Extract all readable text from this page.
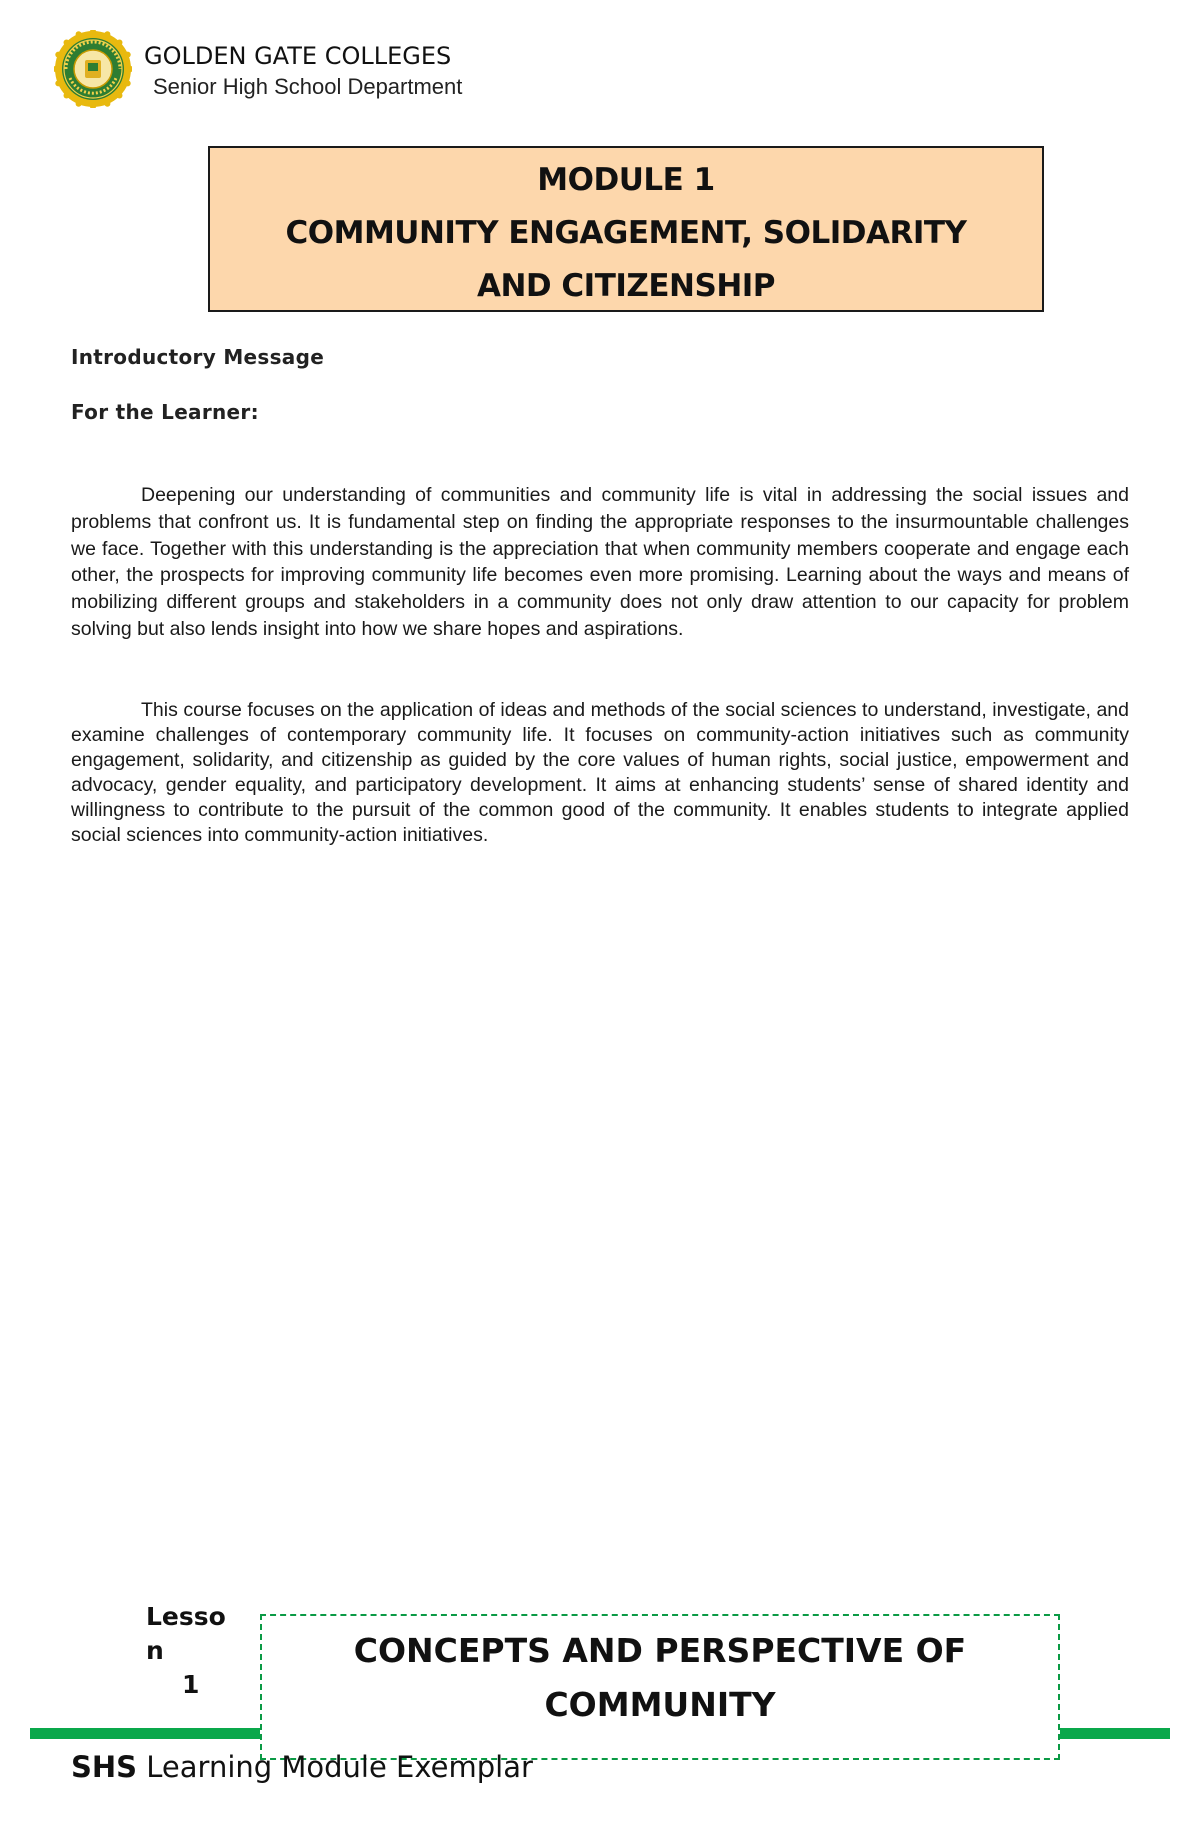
GOLDEN GATE COLLEGES
Senior High School Department
MODULE 1
COMMUNITY ENGAGEMENT, SOLIDARITY
AND CITIZENSHIP
Introductory Message
For the Learner:

Deepening our understanding of communities and community life is vital in addressing the social issues and problems that confront us. It is fundamental step on finding the appropriate responses to the insurmountable challenges we face. Together with this understanding is the appreciation that when community members cooperate and engage each other, the prospects for improving community life becomes even more promising. Learning about the ways and means of mobilizing different groups and stakeholders in a community does not only draw attention to our capacity for problem solving but also lends insight into how we share hopes and aspirations.

This course focuses on the application of ideas and methods of the social sciences to understand, investigate, and examine challenges of contemporary community life. It focuses on community-action initiatives such as community engagement, solidarity, and citizenship as guided by the core values of human rights, social justice, empowerment and advocacy, gender equality, and participatory development. It aims at enhancing students’ sense of shared identity and willingness to contribute to the pursuit of the common good of the community. It enables students to integrate applied social sciences into community-action initiatives.

Lesson
1
CONCEPTS AND PERSPECTIVE OF
COMMUNITY
SHS Learning Module Exemplar
